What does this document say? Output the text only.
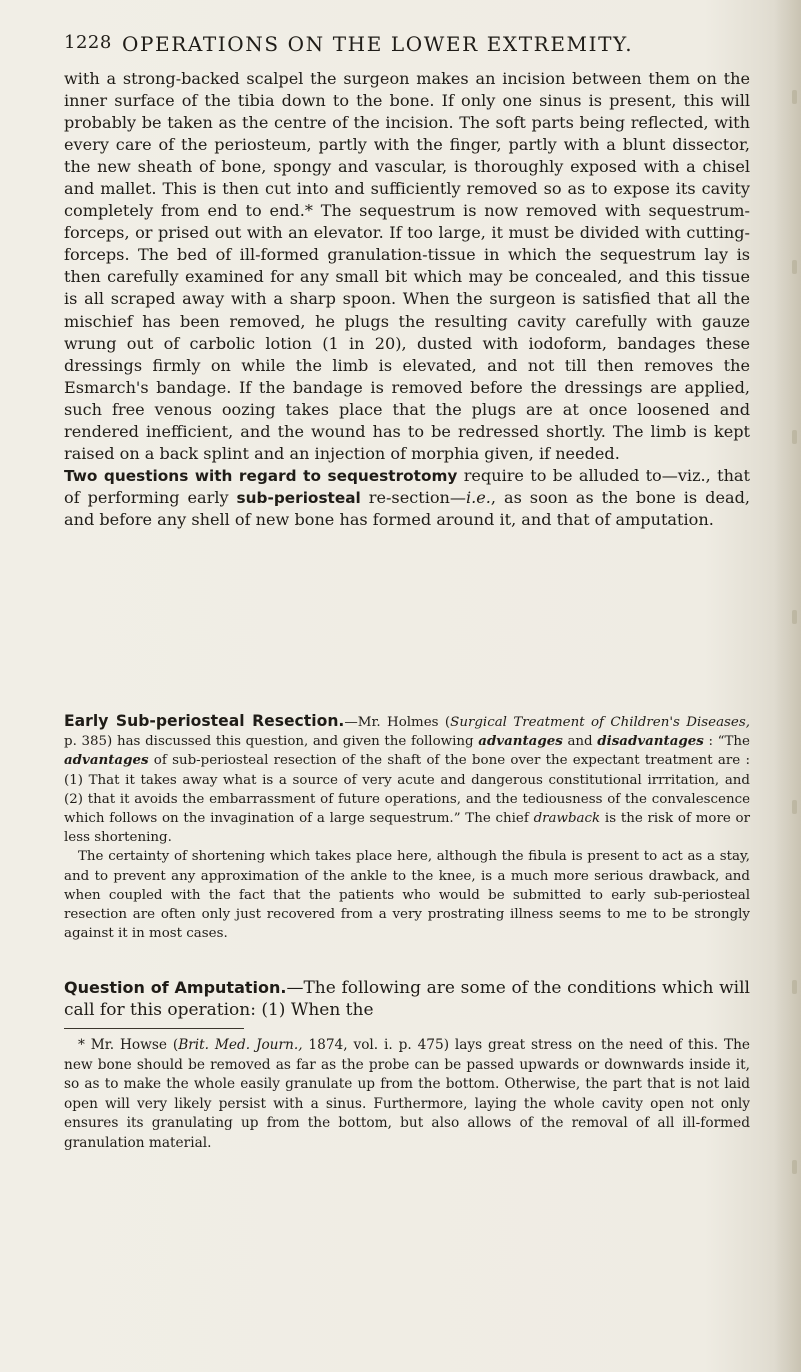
1228 OPERATIONS ON THE LOWER EXTREMITY.

with a strong-backed scalpel the surgeon makes an incision between them on the inner surface of the tibia down to the bone. If only one sinus is present, this will probably be taken as the centre of the incision. The soft parts being reflected, with every care of the periosteum, partly with the finger, partly with a blunt dissector, the new sheath of bone, spongy and vascular, is thoroughly exposed with a chisel and mallet. This is then cut into and sufficiently removed so as to expose its cavity completely from end to end.* The sequestrum is now removed with sequestrum-forceps, or prised out with an elevator. If too large, it must be divided with cutting-forceps. The bed of ill-formed granulation-tissue in which the sequestrum lay is then carefully examined for any small bit which may be concealed, and this tissue is all scraped away with a sharp spoon. When the surgeon is satisfied that all the mischief has been removed, he plugs the resulting cavity carefully with gauze wrung out of carbolic lotion (1 in 20), dusted with iodoform, bandages these dressings firmly on while the limb is elevated, and not till then removes the Esmarch's bandage. If the bandage is removed before the dressings are applied, such free venous oozing takes place that the plugs are at once loosened and rendered inefficient, and the wound has to be redressed shortly. The limb is kept raised on a back splint and an injection of morphia given, if needed.

Two questions with regard to sequestrotomy require to be alluded to—viz., that of performing early sub-periosteal re-section—i.e., as soon as the bone is dead, and before any shell of new bone has formed around it, and that of amputation.

Early Sub-periosteal Resection.—Mr. Holmes (Surgical Treatment of Children's Diseases, p. 385) has discussed this question, and given the following advantages and disadvantages : “The advantages of sub-periosteal resection of the shaft of the bone over the expectant treatment are : (1) That it takes away what is a source of very acute and dangerous constitutional irrritation, and (2) that it avoids the embarrassment of future operations, and the tediousness of the convalescence which follows on the invagination of a large sequestrum.” The chief drawback is the risk of more or less shortening.

The certainty of shortening which takes place here, although the fibula is present to act as a stay, and to prevent any approximation of the ankle to the knee, is a much more serious drawback, and when coupled with the fact that the patients who would be submitted to early sub-periosteal resection are often only just recovered from a very prostrating illness seems to me to be strongly against it in most cases.

Question of Amputation.—The following are some of the conditions which will call for this operation: (1) When the

* Mr. Howse (Brit. Med. Journ., 1874, vol. i. p. 475) lays great stress on the need of this. The new bone should be removed as far as the probe can be passed upwards or downwards inside it, so as to make the whole easily granulate up from the bottom. Otherwise, the part that is not laid open will very likely persist with a sinus. Furthermore, laying the whole cavity open not only ensures its granulating up from the bottom, but also allows of the removal of all ill-formed granulation material.
